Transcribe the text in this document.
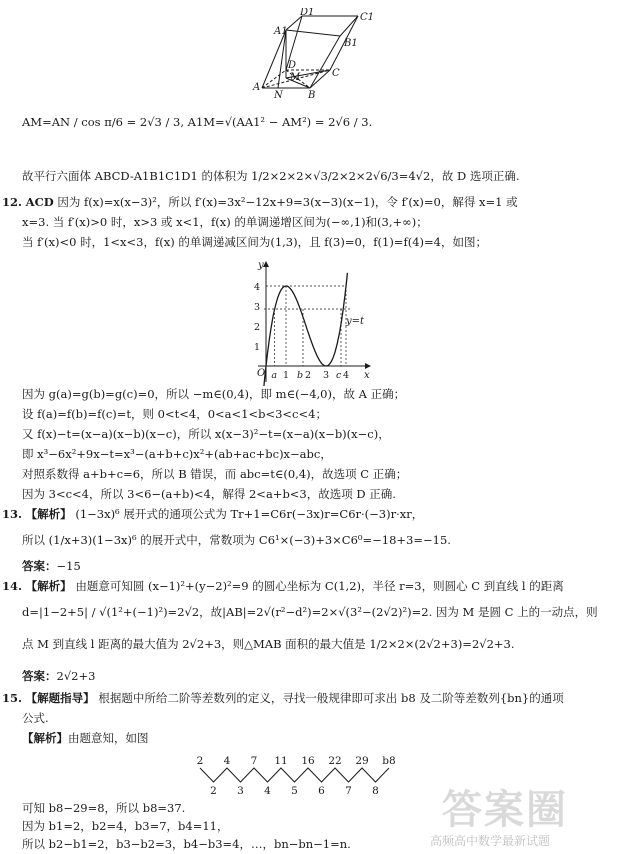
D1	C1
A1
B1
D
M	C
A
N	B
AM=AN / cos π/6 = 2√3 / 3, A1M=√(AA1² − AM²) = 2√6 / 3.
故平行六面体 ABCD-A1B1C1D1 的体积为 1/2×2×2×√3/2×2×2√6/3=4√2，故 D 选项正确.
12. ACD 因为 f(x)=x(x−3)²，所以 f′(x)=3x²−12x+9=3(x−3)(x−1)，令 f′(x)=0，解得 x=1 或
x=3. 当 f′(x)>0 时，x>3 或 x<1，f(x) 的单调递增区间为(−∞,1)和(3,+∞)；
当 f′(x)<0 时，1<x<3，f(x) 的单调递减区间为(1,3)，且 f(3)=0，f(1)=f(4)=4，如图；
y
x
O
y=t
4
3
2
1
a 1 b 2 3 c 4
因为 g(a)=g(b)=g(c)=0，所以 −m∈(0,4)，即 m∈(−4,0)，故 A 正确；
设 f(a)=f(b)=f(c)=t，则 0<t<4，0<a<1<b<3<c<4；
又 f(x)−t=(x−a)(x−b)(x−c)，所以 x(x−3)²−t=(x−a)(x−b)(x−c)，
即 x³−6x²+9x−t=x³−(a+b+c)x²+(ab+ac+bc)x−abc，
对照系数得 a+b+c=6，所以 B 错误，而 abc=t∈(0,4)，故选项 C 正确；
因为 3<c<4，所以 3<6−(a+b)<4，解得 2<a+b<3，故选项 D 正确.
13. 【解析】 (1−3x)⁶ 展开式的通项公式为 Tr+1=C6r(−3x)r=C6r·(−3)r·xr，
所以 (1/x+3)(1−3x)⁶ 的展开式中，常数项为 C6¹×(−3)+3×C6⁰=−18+3=−15.
答案：−15
14. 【解析】 由题意可知圆 (x−1)²+(y−2)²=9 的圆心坐标为 C(1,2)，半径 r=3，则圆心 C 到直线 l 的距离
d=|1−2+5| / √(1²+(−1)²)=2√2，故|AB|=2√(r²−d²)=2×√(3²−(2√2)²)=2. 因为 M 是圆 C 上的一动点，则
点 M 到直线 l 距离的最大值为 2√2+3，则△MAB 面积的最大值是 1/2×2×(2√2+3)=2√2+3.
答案：2√2+3
15. 【解题指导】 根据题中所给二阶等差数列的定义，寻找一般规律即可求出 b8 及二阶等差数列{bn}的通项
公式.
【解析】由题意知，如图
2 4 7 11 16 22 29 b8
2 3 4 5 6 7 8
可知 b8−29=8，所以 b8=37.
因为 b1=2，b2=4，b3=7，b4=11，
所以 b2−b1=2，b3−b2=3，b4−b3=4，…，bn−bn−1=n.
答案圈
高频高中数学最新试题
